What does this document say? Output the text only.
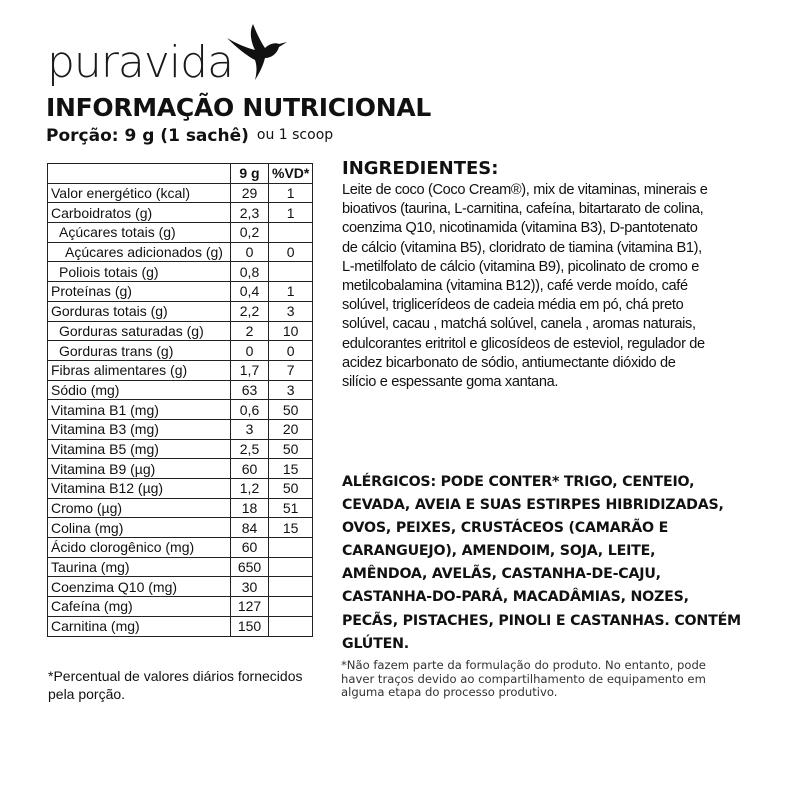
puravida
INFORMAÇÃO NUTRICIONAL
Porção: 9 g (1 sachê) ou 1 scoop
	9 g	%VD*
Valor energético (kcal)	29	1
Carboidratos (g)	2,3	1
Açúcares totais (g)	0,2	
Açúcares adicionados (g)	0	0
Poliois totais (g)	0,8	
Proteínas (g)	0,4	1
Gorduras totais (g)	2,2	3
Gorduras saturadas (g)	2	10
Gorduras trans (g)	0	0
Fibras alimentares (g)	1,7	7
Sódio (mg)	63	3
Vitamina B1 (mg)	0,6	50
Vitamina B3 (mg)	3	20
Vitamina B5 (mg)	2,5	50
Vitamina B9 (µg)	60	15
Vitamina B12 (µg)	1,2	50
Cromo (µg)	18	51
Colina (mg)	84	15
Ácido clorogênico (mg)	60	
Taurina (mg)	650	
Coenzima Q10 (mg)	30	
Cafeína (mg)	127	
Carnitina (mg)	150	
*Percentual de valores diários fornecidos pela porção.
INGREDIENTES:

Leite de coco (Coco Cream®), mix de vitaminas, minerais e bioativos (taurina, L-carnitina, cafeína, bitartarato de colina, coenzima Q10, nicotinamida (vitamina B3), D-pantotenato de cálcio (vitamina B5), cloridrato de tiamina (vitamina B1), L-metilfolato de cálcio (vitamina B9), picolinato de cromo e metilcobalamina (vitamina B12)), café verde moído, café solúvel, triglicerídeos de cadeia média em pó, chá preto solúvel, cacau , matchá solúvel, canela , aromas naturais, edulcorantes eritritol e glicosídeos de esteviol, regulador de acidez bicarbonato de sódio, antiumectante dióxido de silício e espessante goma xantana.

ALÉRGICOS: PODE CONTER* TRIGO, CENTEIO, CEVADA, AVEIA E SUAS ESTIRPES HIBRIDIZADAS, OVOS, PEIXES, CRUSTÁCEOS (CAMARÃO E CARANGUEJO), AMENDOIM, SOJA, LEITE, AMÊNDOA, AVELÃS, CASTANHA-DE-CAJU, CASTANHA-DO-PARÁ, MACADÂMIAS, NOZES, PECÃS, PISTACHES, PINOLI E CASTANHAS. CONTÉM GLÚTEN.

*Não fazem parte da formulação do produto. No entanto, pode haver traços devido ao compartilhamento de equipamento em alguma etapa do processo produtivo.
